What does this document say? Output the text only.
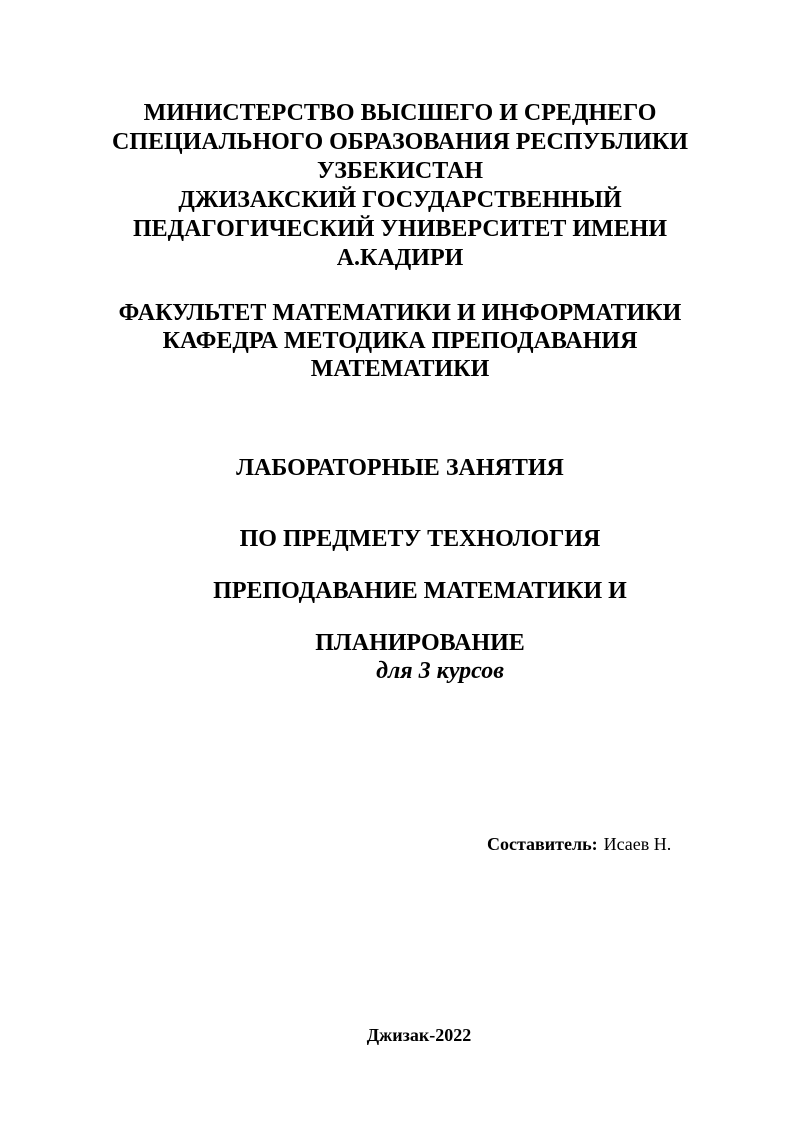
МИНИСТЕРСТВО ВЫСШЕГО И СРЕДНЕГО
СПЕЦИАЛЬНОГО ОБРАЗОВАНИЯ РЕСПУБЛИКИ
УЗБЕКИСТАН
ДЖИЗАКСКИЙ ГОСУДАРСТВЕННЫЙ
ПЕДАГОГИЧЕСКИЙ УНИВЕРСИТЕТ ИМЕНИ
А.КАДИРИ
ФАКУЛЬТЕТ МАТЕМАТИКИ И ИНФОРМАТИКИ
КАФЕДРА МЕТОДИКА ПРЕПОДАВАНИЯ
МАТЕМАТИКИ
ЛАБОРАТОРНЫЕ ЗАНЯТИЯ
ПО ПРЕДМЕТУ ТЕХНОЛОГИЯ
ПРЕПОДАВАНИЕ МАТЕМАТИКИ И
ПЛАНИРОВАНИЕ
для 3 курсов
Составитель: Исаев Н.
Джизак-2022
